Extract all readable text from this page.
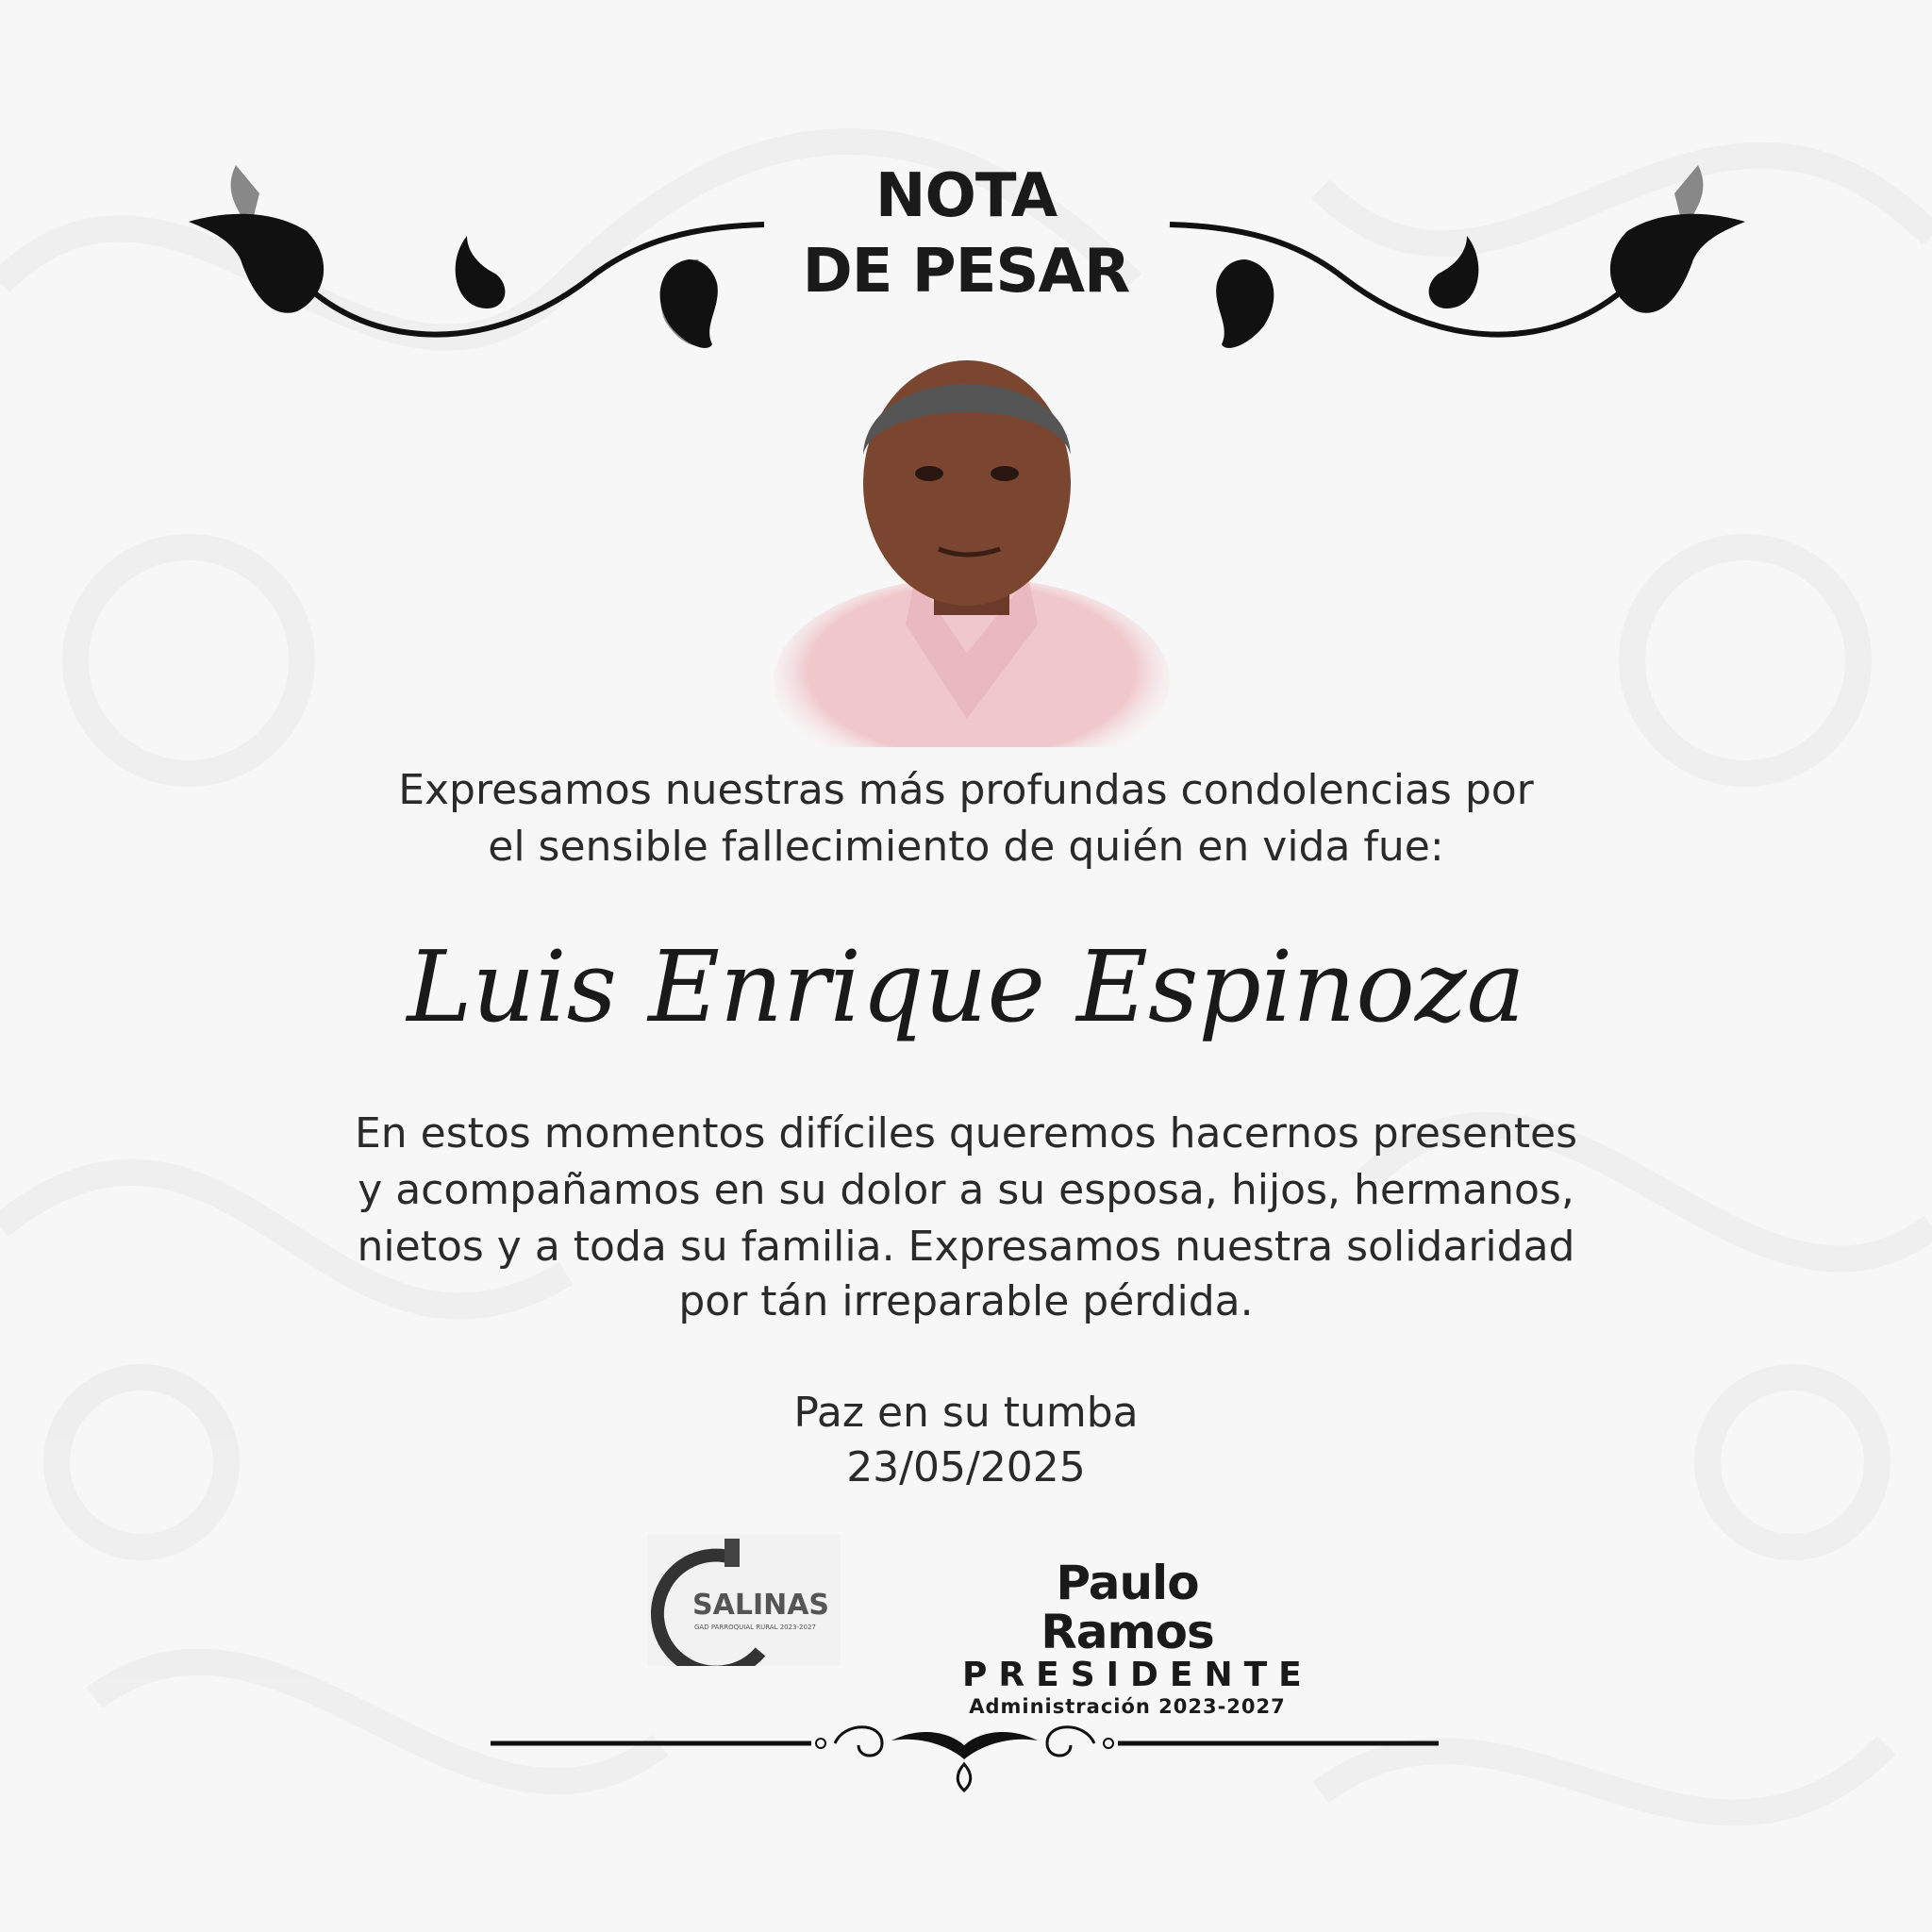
NOTA
DE PESAR
Expresamos nuestras más profundas condolencias por
el sensible fallecimiento de quién en vida fue:
Luis Enrique Espinoza
En estos momentos difíciles queremos hacernos presentes
y acompañamos en su dolor a su esposa, hijos, hermanos,
nietos y a toda su familia. Expresamos nuestra solidaridad
por tán irreparable pérdida.
Paz en su tumba
23/05/2025
SALINAS
GAD PARROQUIAL RURAL 2023-2027
Paulo Ramos
PRESIDENTE
Administración 2023-2027
